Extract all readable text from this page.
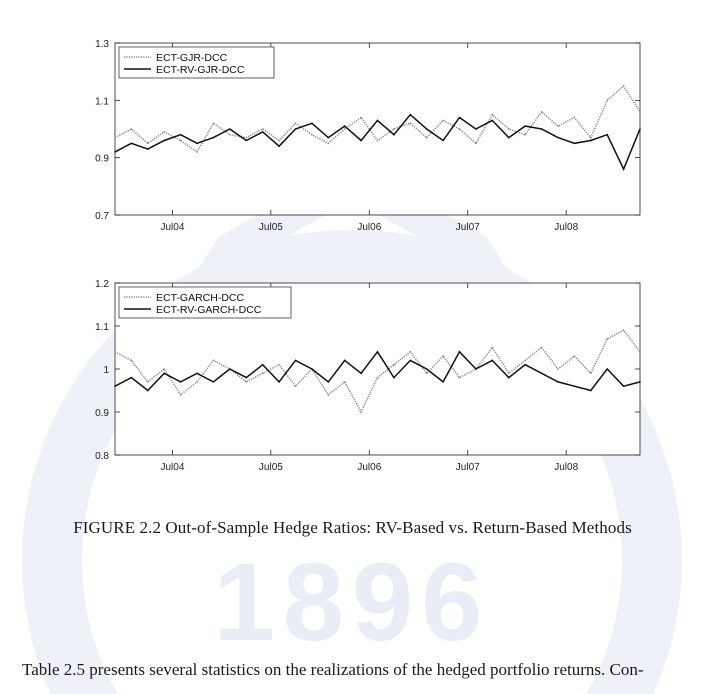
1896
0.7
0.9
1.1
1.3
Jul04	Jul05	Jul06	Jul07	Jul08
ECT-GJR-DCC
ECT-RV-GJR-DCC
0.8
0.9
1
1.1
1.2
Jul04	Jul05	Jul06	Jul07	Jul08
ECT-GARCH-DCC
ECT-RV-GARCH-DCC
FIGURE 2.2 Out-of-Sample Hedge Ratios: RV-Based vs. Return-Based Methods
Table 2.5 presents several statistics on the realizations of the hedged portfolio returns. Con-
